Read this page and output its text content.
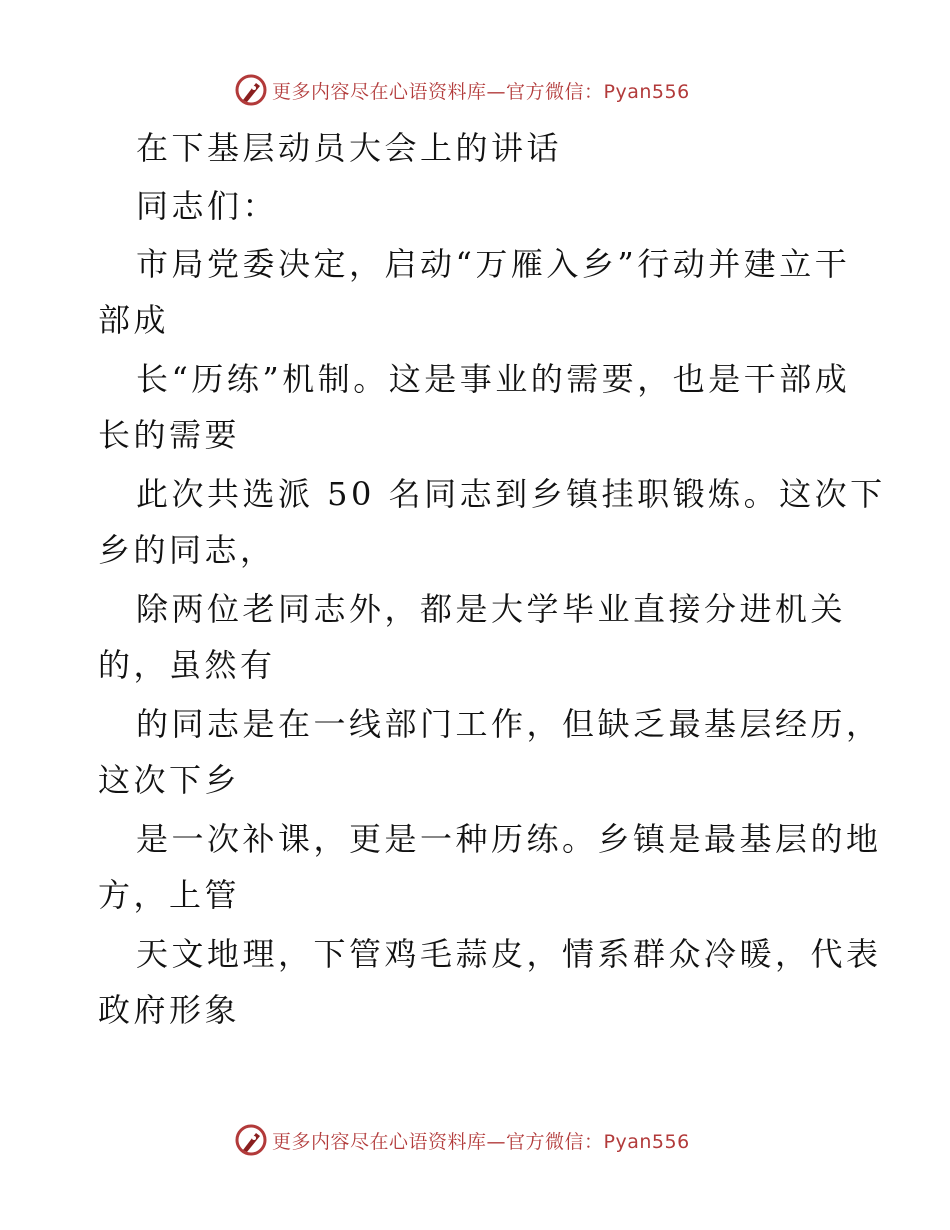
更多内容尽在心语资料库—官方微信：Pyan556
在下基层动员大会上的讲话
同志们：
市局党委决定，启动“万雁入乡”行动并建立干
部成
长“历练”机制。这是事业的需要，也是干部成
长的需要
此次共选派 50 名同志到乡镇挂职锻炼。这次下
乡的同志，
除两位老同志外，都是大学毕业直接分进机关
的，虽然有
的同志是在一线部门工作，但缺乏最基层经历，
这次下乡
是一次补课，更是一种历练。乡镇是最基层的地
方，上管
天文地理，下管鸡毛蒜皮，情系群众冷暖，代表
政府形象
更多内容尽在心语资料库—官方微信：Pyan556
